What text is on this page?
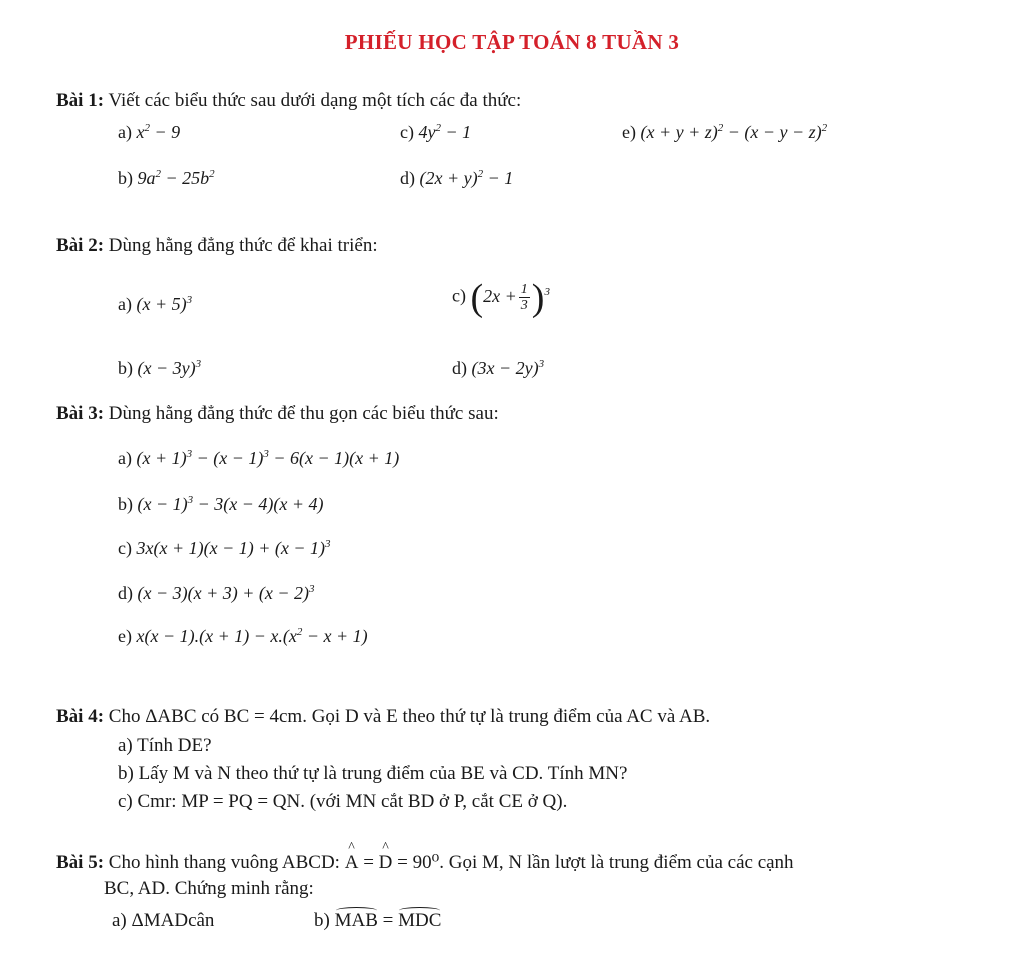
PHIẾU HỌC TẬP TOÁN 8 TUẦN 3
Bài 1: Viết các biểu thức sau dưới dạng một tích các đa thức:
a) $x^2 - 9$	c) $4y^2 - 1$	e) $(x + y + z)^2 - (x - y - z)^2$
b) $9a^2 - 25b^2$	d) $(2x + y)^2 - 1$
Bài 2: Dùng hằng đẳng thức để khai triển:
a) $(x + 5)^3$	c) $(2x + \frac{1}{3} )^3$
b) $(x - 3y)^3$	d) $(3x - 2y)^3$
Bài 3: Dùng hằng đẳng thức để thu gọn các biểu thức sau:
a) $(x + 1)^3 - (x - 1)^3 - 6(x - 1)(x + 1)$
b) $(x - 1)^3 - 3(x - 4)(x + 4)$
c) $3x(x + 1)(x - 1) + (x - 1)^3$
d) $(x - 3)(x + 3) + (x - 2)^3$
e) $x(x - 1).(x + 1) - x.(x^2 - x + 1)$
Bài 4: Cho ΔABC có BC = 4cm. Gọi D và E theo thứ tự là trung điểm của AC và AB.
a) Tính DE?
b) Lấy M và N theo thứ tự là trung điểm của BE và CD. Tính MN?
c) Cmr: MP = PQ = QN. (với MN cắt BD ở P, cắt CE ở Q).
Bài 5: Cho hình thang vuông ABCD: ^ A = ^ D = 90⁰. Gọi M, N lần lượt là trung điểm của các cạnh
BC, AD. Chứng minh rằng:
a) ΔMADcân	b) MAB = MDC
